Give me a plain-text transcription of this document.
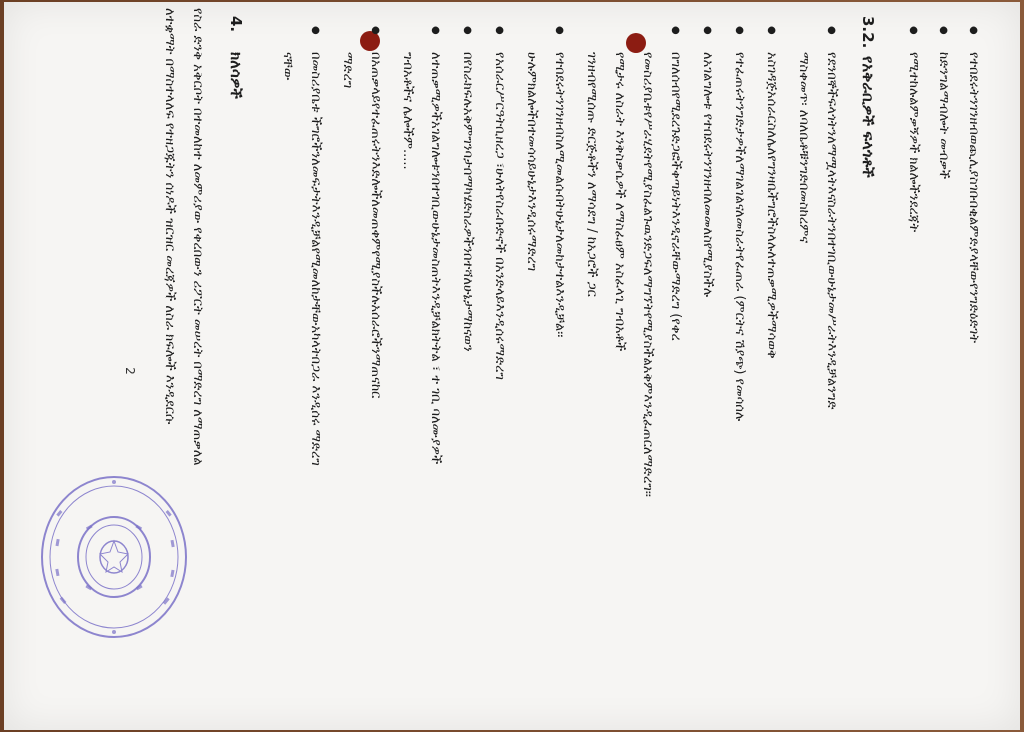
●
የተበደሩትንገንዘብወጪሊያስገቡበቂልምድያላቸውየንግድዕድገት
●
ከድንግልማብሎት መብቃች
●
የሚተከሉልምቃኝዎች ክልሎችንደረጃት
3.2.
የአቅራቢዎች ፍላጎቶች
●
የደንበኞችፍላጎትንለማሟላትእናስራትንበተገቢውሁኔታመሥራትእንዲቻልንግድ
ማስቀመጥ፡ ለባለቤቶቹንግድበመስከረምና
●
አስገዳጅአሰራርስለሌለየግንዛቤችግሮችስላሉለተጠቃሚዎችማሳወቅ
●
የተፈጠሩትንግድታዎችለማገልገልናለመስራትየፈጠራ (ምርትና ሽያጭ) የመሳሰሉ
●
ለአገልግሎቱ የተበደሩትንገንዘብለመመለስየሚያስችሉ
●
በግለሰብየሚደረጉድጋፎችቀጣይነትእንዲኖራቸውማድረግ (የቀረ
የመስሪያቤቱየሥራሂደትየሚያስፈልጉዉንድጋፍለማግኘትየሚያስችልአቅምእንዲፈጠርለማድረግ፡፡
የሚታሩ ለስራት እንቅስቃሴዎች ለማስፈፀም አስፈላጊ ግብአቶች
ገንዘብየሚሰጡ ድርጅቶችን ለማሳደግ / ከአጋሮች ጋር
●
የተበደሩትንገንዘብስለሚመልሱበትሁኔታለመከታተልእንዲቻል፡፡
ሁሉምክልሎችበተመሳሳይሁኔታእንዲሰሩማድረግ
●
የአሰራርሥርዓትቢዘረጋ ፣ሁለትየስራቡድኖች በአንድላይእንዲሰሩማድረግ
●
በየስራክፍሉአቅምግንባታበማካሄድስራዎችንበተሻለሁኔታማከናወን
●
ለተጠቃሚዎችአገልግሎቱንበተገቢውሁኔታመስጠትእንዲቻልክትትል ፣ ተ ገቢ ባለሙያዎች
ግብአቶችና ሌሎችም.....
●
በአጠቃላይየተፈጠሩትንእድሎችለመጠቀምየሚያስችሉአሰራሮችንማጠናከር
ማድረግ
●
በመስሪያቤቱ ችግሮችንለመፍታትእንዲቻልየሚመለከታቸውአካላትበጋራ እንዲሰሩ ማድረግ
ናቸው
4.
ክለሳዎች
የስራ ድንቅ አቅርቦት በተመለከተ ለመምሪያው የቀረበውን ሪፖርት መሠረት በማድረግ ለማጠቃለል
ለተቋማት በማስተላለፍ የተዘጋጁትን ሰነዶች ዝርዝር መረጃዎች ለስራ ክፍሎች እንዲደርሱ
2
